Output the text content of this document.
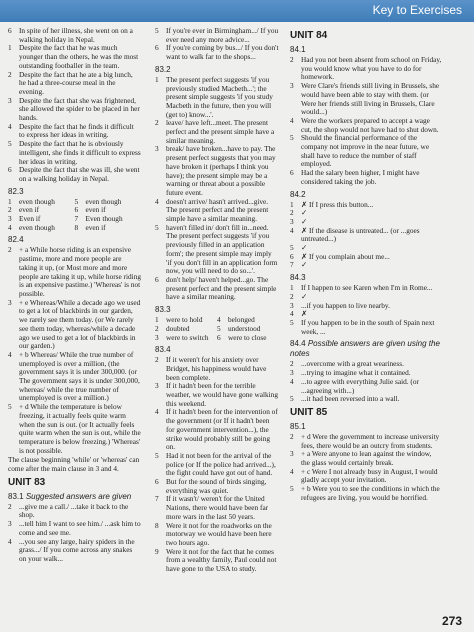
Key to Exercises
6	In spite of her illness, she went on on a walking holiday in Nepal.
1	Despite the fact that he was much younger than the others, he was the most outstanding footballer in the team.
2	Despite the fact that he ate a big lunch, he had a three-course meal in the evening.
3	Despite the fact that she was frightened, she allowed the spider to be placed in her hands.
4	Despite the fact that he finds it difficult to express her ideas in writing.
5	Despite the fact that he is obviously intelligent, she finds it difficult to express her ideas in writing.
6	Despite the fact that she was ill, she went on a walking holiday in Nepal.
82.3
1	even though	5	even though
2	even if	6	even if
3	Even if	7	Even though
4	even though	8	even if
82.4
2	+ a While horse riding is an expensive pastime, more and more people are taking it up, (or Most more and more people are taking it up, while horse riding is an expensive pastime.) 'Whereas' is not possible.
3	+ e Whereas/While a decade ago we used to get a lot of blackbirds in our garden, we rarely see them today. (or We rarely see them today, whereas/while a decade ago we used to get a lot of blackbirds in our garden.)
4	+ b Whereas/ While the true number of unemployed is over a million, (the government says it is under 300,000. (or The government says it is under 300,000, whereas/ while the true number of unemployed is over a million.)
5	+ d While the temperature is below freezing, it actually feels quite warm when the sun is out. (or It actually feels quite warm when the sun is out, while the temperature is below freezing.) 'Whereas' is not possible.
The clause beginning 'while' or 'whereas' can come after the main clause in 3 and 4.
UNIT 83
83.1 Suggested answers are given
2	...give me a call./ ...take it back to the shop.
3	...tell him I want to see him./ ...ask him to come and see me.
4	...you see any large, hairy spiders in the grass.../ If you come across any snakes on your walk...
5	If you're ever in Birmingham.../ If you ever need any more advice...
6	If you're coming by bus.../ If you don't want to walk far to the shops...
83.2
1	The present perfect suggests 'if you previously studied Macbeth...'; the present simple suggests 'if you study Macbeth in the future, then you will (get to) know...'.
2	leave/ have left...meet. The present perfect and the present simple have a similar meaning.
3	break/ have broken...have to pay. The present perfect suggests that you may have broken it (perhaps I think you have); the present simple may be a warning or threat about a possible future event.
4	doesn't arrive/ hasn't arrived...give. The present perfect and the present simple have a similar meaning.
5	haven't filled in/ don't fill in...need. The present perfect suggests 'if you previously filled in an application form'; the present simple may imply 'if you don't fill in an application form now, you will need to do so...'.
6	don't help/ haven't helped...go. The present perfect and the present simple have a similar meaning.
83.3
1	were to hold	4	belonged
2	doubted	5	understood
3	were to switch	6	were to close
83.4
2	If it weren't for his anxiety over Bridget, his happiness would have been complete.
3	If it hadn't been for the terrible weather, we would have gone walking this weekend.
4	If it hadn't been for the intervention of the government (or If it hadn't been for government intervention...), the strike would probably still be going on.
5	Had it not been for the arrival of the police (or If the police had arrived...), the fight could have got out of hand.
6	But for the sound of birds singing, everything was quiet.
7	If it wasn't/ weren't for the United Nations, there would have been far more wars in the last 50 years.
8	Were it not for the roadworks on the motorway we would have been here two hours ago.
9	Were it not for the fact that he comes from a wealthy family, Paul could not have gone to the USA to study.
UNIT 84
84.1
2	Had you not been absent from school on Friday, you would know what you have to do for homework.
3	Were Clare's friends still living in Brussels, she would have been able to stay with them. (or Were her friends still living in Brussels, Clare would...)
4	Were the workers prepared to accept a wage cut, the shop would not have had to shut down.
5	Should the financial performance of the company not improve in the near future, we shall have to reduce the number of staff employed.
6	Had the salary been higher, I might have considered taking the job.
84.2
1	✗ If I press this button...
2	✓
3	✓
4	✗ If the disease is untreated... (or ...goes untreated...)
5	✓
6	✗ If you complain about me...
7	✓
84.3
1	If I happen to see Karen when I'm in Rome...
2	✓
3	...if you happen to live nearby.
4	✗
5	If you happen to be in the south of Spain next week, ...
84.4 Possible answers are given using the notes
2	...overcome with a great weariness.
3	...trying to imagine what it contained.
4	...to agree with everything Julie said. (or ...agreeing with...)
5	...it had been reversed into a wall.
UNIT 85
85.1
2	+ d Were the government to increase university fees, there would be an outcry from students.
3	+ a Were anyone to lean against the window, the glass would certainly break.
4	+ c Were I not already busy in August, I would gladly accept your invitation.
5	+ b Were you to see the conditions in which the refugees are living, you would be horrified.
273
